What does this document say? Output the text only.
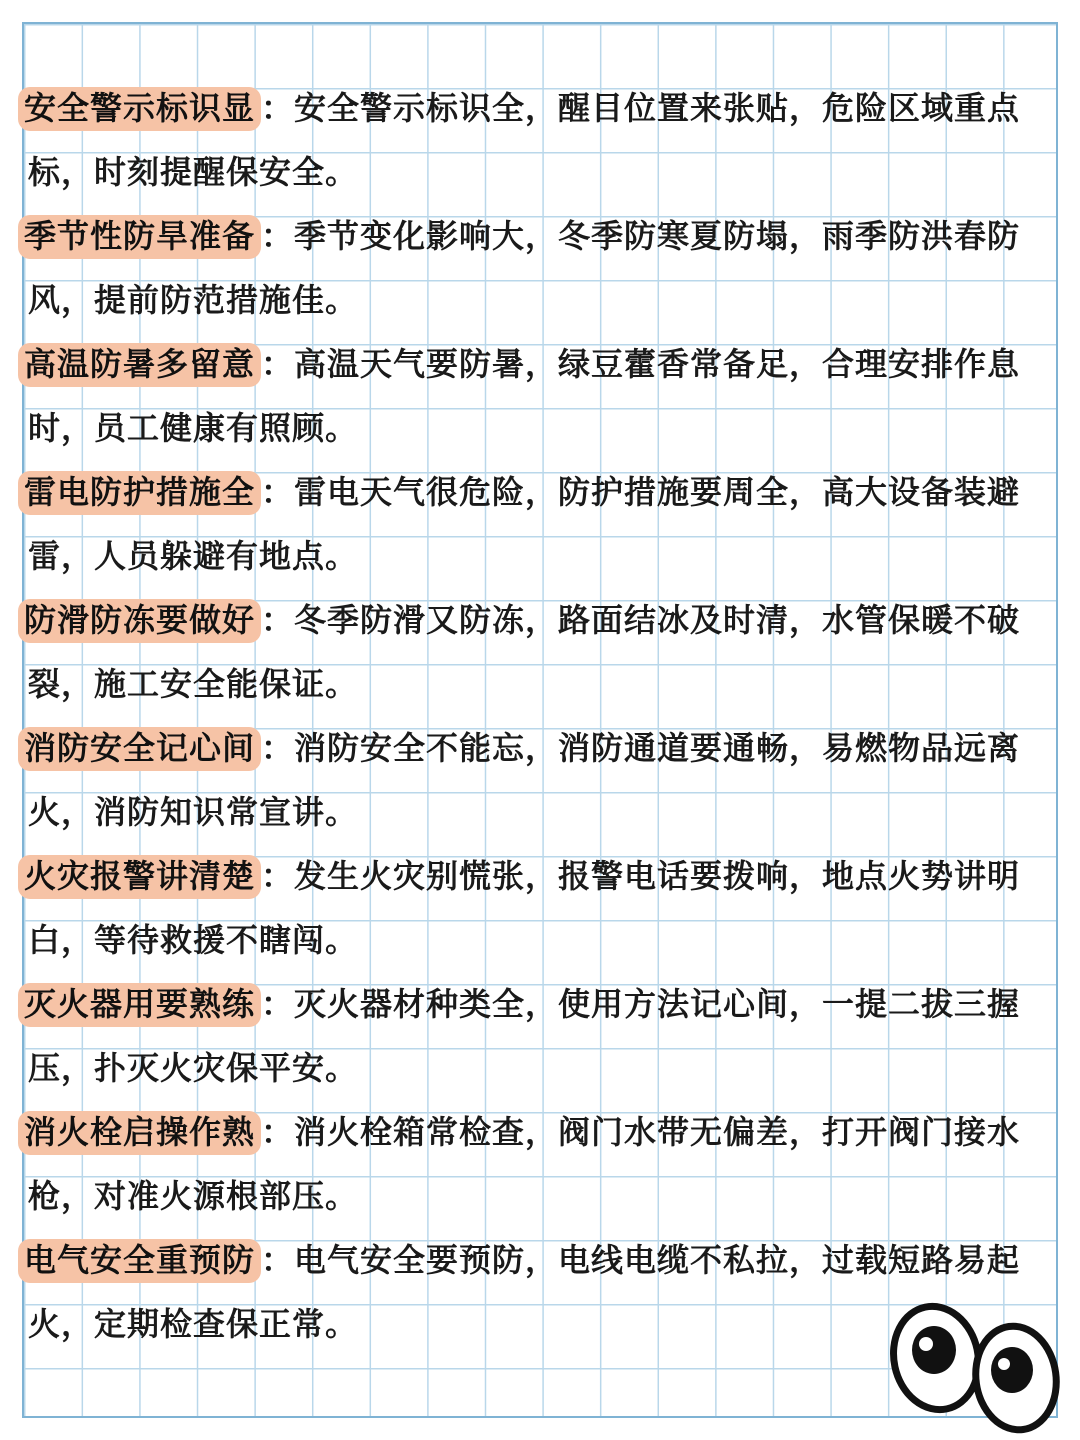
安全警示标识显 ：安全警示标识全，醒目位置来张贴，危险区域重点标，时刻提醒保安全。

季节性防旱准备 ：季节变化影响大，冬季防寒夏防塌，雨季防洪春防风，提前防范措施佳。

高温防暑多留意 ：高温天气要防暑，绿豆藿香常备足，合理安排作息时，员工健康有照顾。

雷电防护措施全 ：雷电天气很危险，防护措施要周全，高大设备装避雷，人员躲避有地点。

防滑防冻要做好 ：冬季防滑又防冻，路面结冰及时清，水管保暖不破裂，施工安全能保证。

消防安全记心间 ：消防安全不能忘，消防通道要通畅，易燃物品远离火，消防知识常宣讲。

火灾报警讲清楚 ：发生火灾别慌张，报警电话要拨响，地点火势讲明白，等待救援不瞎闯。

灭火器用要熟练 ：灭火器材种类全，使用方法记心间，一提二拔三握压，扑灭火灾保平安。

消火栓启操作熟 ：消火栓箱常检查，阀门水带无偏差，打开阀门接水枪，对准火源根部压。

电气安全重预防 ：电气安全要预防，电线电缆不私拉，过载短路易起火，定期检查保正常。
